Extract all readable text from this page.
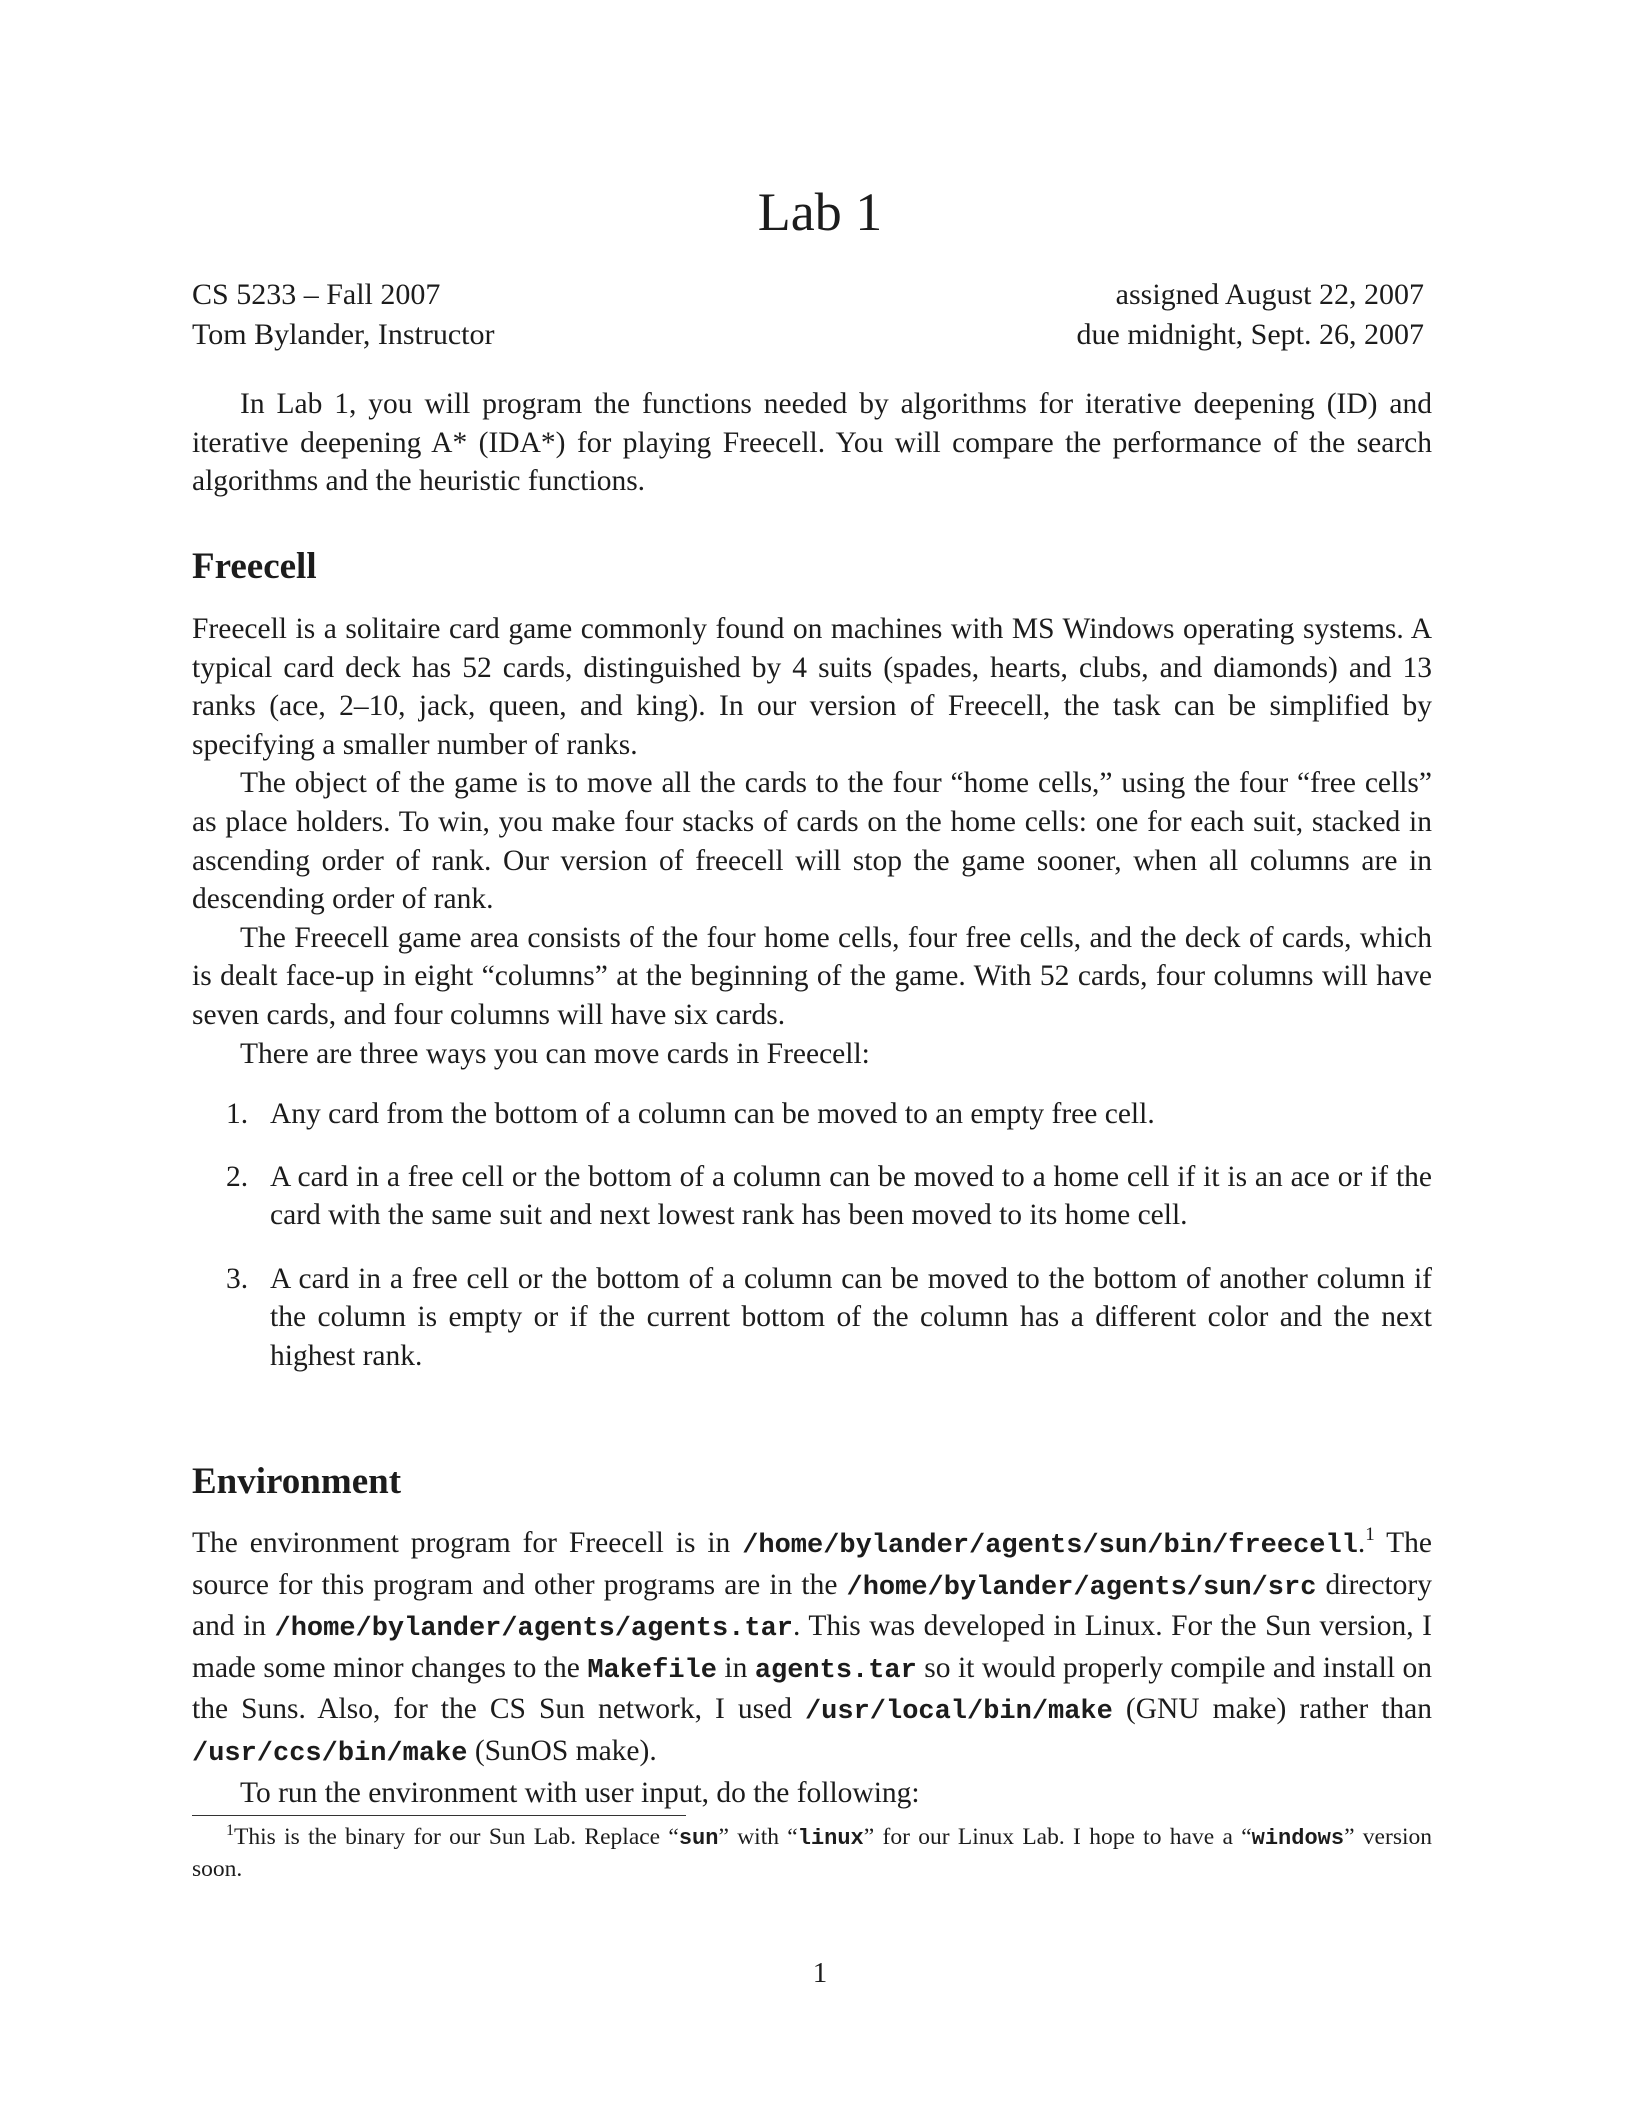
Lab 1
CS 5233 – Fall 2007
Tom Bylander, Instructor
assigned August 22, 2007
due midnight, Sept. 26, 2007

In Lab 1, you will program the functions needed by algorithms for iterative deepening (ID) and iterative deepening A* (IDA*) for playing Freecell. You will compare the performance of the search algorithms and the heuristic functions.

Freecell

Freecell is a solitaire card game commonly found on machines with MS Windows operating systems. A typical card deck has 52 cards, distinguished by 4 suits (spades, hearts, clubs, and diamonds) and 13 ranks (ace, 2–10, jack, queen, and king). In our version of Freecell, the task can be simplified by specifying a smaller number of ranks.

The object of the game is to move all the cards to the four “home cells,” using the four “free cells” as place holders. To win, you make four stacks of cards on the home cells: one for each suit, stacked in ascending order of rank. Our version of freecell will stop the game sooner, when all columns are in descending order of rank.

The Freecell game area consists of the four home cells, four free cells, and the deck of cards, which is dealt face-up in eight “columns” at the beginning of the game. With 52 cards, four columns will have seven cards, and four columns will have six cards.

There are three ways you can move cards in Freecell:

1. Any card from the bottom of a column can be moved to an empty free cell.
2. A card in a free cell or the bottom of a column can be moved to a home cell if it is an ace or if the card with the same suit and next lowest rank has been moved to its home cell.
3. A card in a free cell or the bottom of a column can be moved to the bottom of another column if the column is empty or if the current bottom of the column has a different color and the next highest rank.
Environment

The environment program for Freecell is in /home/bylander/agents/sun/bin/freecell.$^1$ The source for this program and other programs are in the /home/bylander/agents/sun/src directory and in /home/bylander/agents/agents.tar. This was developed in Linux. For the Sun version, I made some minor changes to the Makefile in agents.tar so it would properly compile and install on the Suns. Also, for the CS Sun network, I used /usr/local/bin/make (GNU make) rather than /usr/ccs/bin/make (SunOS make).

To run the environment with user input, do the following:

$^1$This is the binary for our Sun Lab. Replace “sun” with “linux” for our Linux Lab. I hope to have a “windows” version soon.
1
